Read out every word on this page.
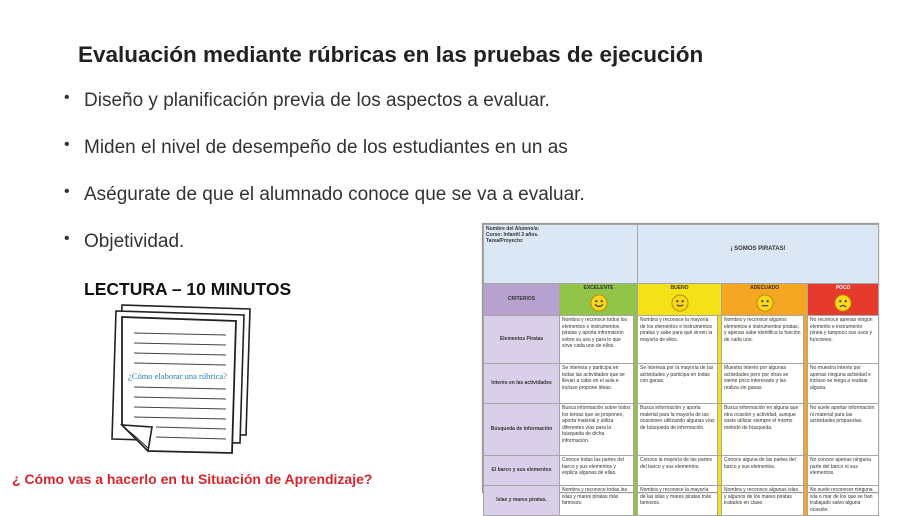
Evaluación mediante rúbricas en las pruebas de ejecución
• Diseño y planificación previa de los aspectos a evaluar.
• Miden el nivel de desempeño de los estudiantes en un as
• Aségurate de que el alumnado conoce que se va a evaluar.
• Objetividad.
LECTURA – 10 MINUTOS
¿Cómo elaborar una rúbrica?
¿ Cómo vas a hacerlo en tu Situación de Aprendizaje?
Nombre del Alumno/a:
Curso: Infantil 3 años.
Tarea/Proyecto:			¡ SOMOS PIRATAS!				
CRITERIOS	EXCELENTE		BUENO		ADECUADO		POCO

Elementos Piratas	Nombra y reconoce todos los elementos e instrumentos piratas y aporta información sobre su uso y para lo que sirve cada uno de ellos.		Nombra y reconoce la mayoría de los elementos e instrumentos piratas y sabe para qué sirven la mayoría de ellos.		Nombra y reconoce algunos elementos e instrumentos piratas, y apenas sabe identifica la función de cada uno.		No reconoce apenas ningún elemento e instrumento pirata y tampoco sus usos y funciones.
Interés en las actividades	Se interesa y participa en todas las actividades que se llevan a cabo en el aula e incluso propone ideas.		Se interesa por la mayoría de las actividades y participa en todas con ganas.		Muestra interés por algunas actividades pero por otras se siente poco interesado y las realiza sin ganas.		No muestra interés por apenas ninguna actividad e incluso se niega a realizar alguna.
Búsqueda de información	Busca información sobre todos los temas que se proponen, aporta material y utiliza diferentes vías para la búsqueda de dicha información.		Busca información y aporta material para la mayoría de las ocasiones utilizando algunas vías de búsqueda de información.		Busca información en alguna que otra ocasión y actividad, aunque suele utilizar siempre el mismo método de búsqueda.		No suele aportar información ni material para las actividades propuestas.
El barco y sus elementos	Conoce todas las partes del barco y sus elementos y explica algunas de ellas.		Conoce la mayoría de las partes del barco y sus elementos.		Conoce alguna de las partes del barco y sus elementos.		No conoce apenas ninguna parte del barco ni sus elementos.
Islas y mares piratas.	Nombra y reconoce todas las islas y mares piratas más famosos.		Nombra y reconoce la mayoría de las islas y mares piratas más famosos.		Nombra y reconoce algunas islas y algunos de los mares piratas tratados en clase.		No suele reconocer ninguna isla o mar de los que se han trabajado salvo alguna ocasión.
